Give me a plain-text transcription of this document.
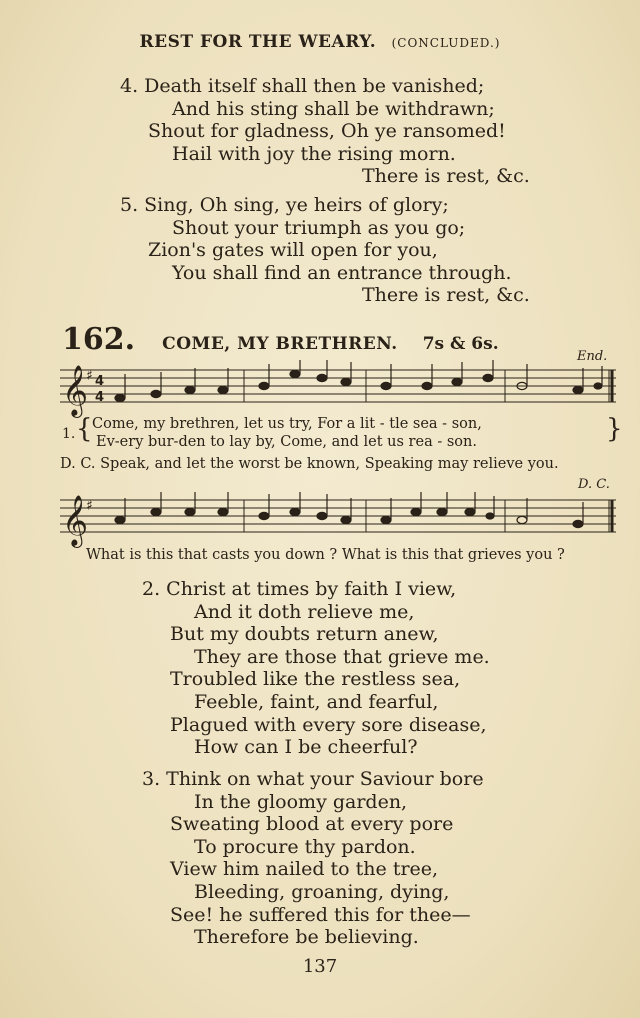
REST FOR THE WEARY. (CONCLUDED.)
4. Death itself shall then be vanished;
And his sting shall be withdrawn;
Shout for gladness, Oh ye ransomed!
Hail with joy the rising morn.
There is rest, &c.
5. Sing, Oh sing, ye heirs of glory;
Shout your triumph as you go;
Zion's gates will open for you,
You shall find an entrance through.
There is rest, &c.
162. COME, MY BRETHREN. 7s & 6s.
End.
𝄞
♯ 4
4
1. {	}
Come, my brethren, let us try, For a lit - tle sea - son,
Ev-ery bur-den to lay by, Come, and let us rea - son.
D. C. Speak, and let the worst be known, Speaking may relieve you.
D. C.
𝄞
♯
What is this that casts you down ? What is this that grieves you ?
2. Christ at times by faith I view,
And it doth relieve me,
But my doubts return anew,
They are those that grieve me.
Troubled like the restless sea,
Feeble, faint, and fearful,
Plagued with every sore disease,
How can I be cheerful?
3. Think on what your Saviour bore
In the gloomy garden,
Sweating blood at every pore
To procure thy pardon.
View him nailed to the tree,
Bleeding, groaning, dying,
See! he suffered this for thee—
Therefore be believing.
137
